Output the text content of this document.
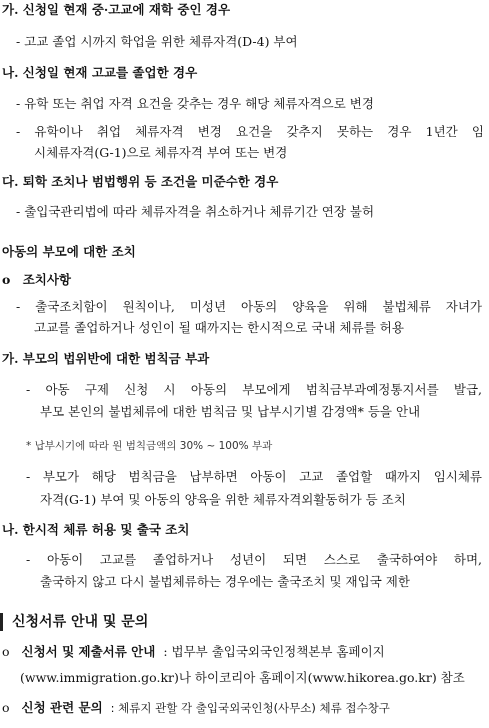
가. 신청일 현재 중·고교에 재학 중인 경우
- 고교 졸업 시까지 학업을 위한 체류자격(D-4) 부여
나. 신청일 현재 고교를 졸업한 경우
- 유학 또는 취업 자격 요건을 갖추는 경우 해당 체류자격으로 변경
- 유학이나 취업 체류자격 변경 요건을 갖추지 못하는 경우 1년간 임
시체류자격(G-1)으로 체류자격 부여 또는 변경
다. 퇴학 조치나 범법행위 등 조건을 미준수한 경우
- 출입국관리법에 따라 체류자격을 취소하거나 체류기간 연장 불허
아동의 부모에 대한 조치
o 조치사항
- 출국조치함이 원칙이나, 미성년 아동의 양육을 위해 불법체류 자녀가
고교를 졸업하거나 성인이 될 때까지는 한시적으로 국내 체류를 허용
가. 부모의 법위반에 대한 범칙금 부과
- 아동 구제 신청 시 아동의 부모에게 범칙금부과예정통지서를 발급,
부모 본인의 불법체류에 대한 범칙금 및 납부시기별 감경액* 등을 안내
* 납부시기에 따라 원 범칙금액의 30% ~ 100% 부과
- 부모가 해당 범칙금을 납부하면 아동이 고교 졸업할 때까지 임시체류
자격(G-1) 부여 및 아동의 양육을 위한 체류자격외활동허가 등 조치
나. 한시적 체류 허용 및 출국 조치
- 아동이 고교를 졸업하거나 성년이 되면 스스로 출국하여야 하며,
출국하지 않고 다시 불법체류하는 경우에는 출국조치 및 재입국 제한
신청서류 안내 및 문의
o 신청서 및 제출서류 안내 : 법무부 출입국외국인정책본부 홈페이지
(www.immigration.go.kr)나 하이코리아 홈페이지(www.hikorea.go.kr) 참조
o 신청 관련 문의 : 체류지 관할 각 출입국외국인청(사무소) 체류 접수창구
